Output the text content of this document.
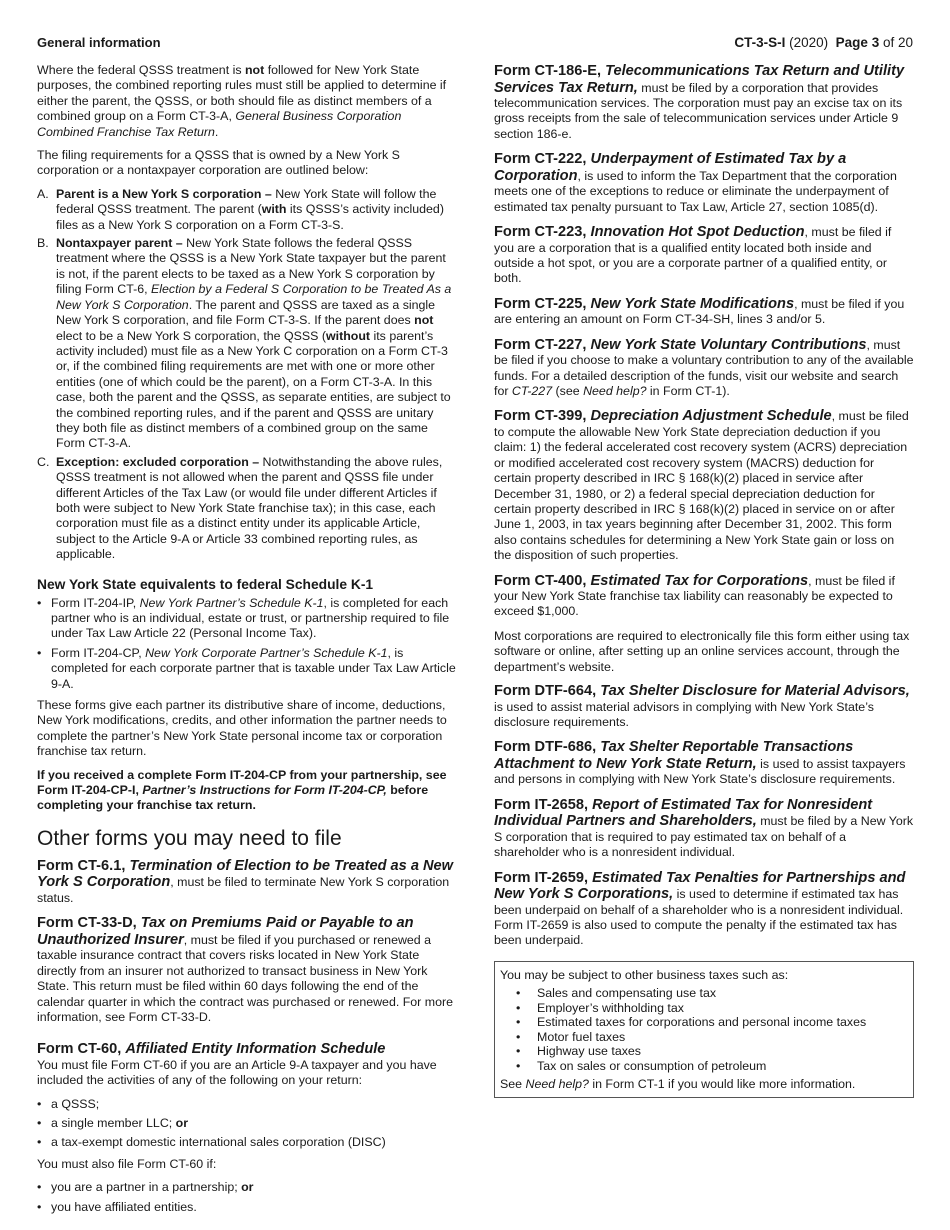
General information	CT-3-S-I (2020) Page 3 of 20

Where the federal QSSS treatment is not followed for New York State purposes, the combined reporting rules must still be applied to determine if either the parent, the QSSS, or both should file as distinct members of a combined group on a Form CT-3-A, General Business Corporation Combined Franchise Tax Return.

The filing requirements for a QSSS that is owned by a New York S corporation or a nontaxpayer corporation are outlined below:

A. Parent is a New York S corporation – New York State will follow the federal QSSS treatment. The parent (with its QSSS’s activity included) files as a New York S corporation on a Form CT-3-S.
B. Nontaxpayer parent – New York State follows the federal QSSS treatment where the QSSS is a New York State taxpayer but the parent is not, if the parent elects to be taxed as a New York S corporation by filing Form CT-6, Election by a Federal S Corporation to be Treated As a New York S Corporation. The parent and QSSS are taxed as a single New York S corporation, and file Form CT-3-S. If the parent does not elect to be a New York S corporation, the QSSS (without its parent’s activity included) must file as a New York C corporation on a Form CT-3 or, if the combined filing requirements are met with one or more other entities (one of which could be the parent), on a Form CT-3-A. In this case, both the parent and the QSSS, as separate entities, are subject to the combined reporting rules, and if the parent and QSSS are unitary they both file as distinct members of a combined group on the same Form CT-3-A.
C. Exception: excluded corporation – Notwithstanding the above rules, QSSS treatment is not allowed when the parent and QSSS file under different Articles of the Tax Law (or would file under different Articles if both were subject to New York State franchise tax); in this case, each corporation must file as a distinct entity under its applicable Article, subject to the Article 9-A or Article 33 combined reporting rules, as applicable.
New York State equivalents to federal Schedule K-1
• Form IT-204-IP, New York Partner’s Schedule K-1, is completed for each partner who is an individual, estate or trust, or partnership required to file under Tax Law Article 22 (Personal Income Tax).
• Form IT-204-CP, New York Corporate Partner’s Schedule K-1, is completed for each corporate partner that is taxable under Tax Law Article 9-A.

These forms give each partner its distributive share of income, deductions, New York modifications, credits, and other information the partner needs to complete the partner’s New York State personal income tax or corporation franchise tax return.

If you received a complete Form IT-204-CP from your partnership, see Form IT-204-CP-I, Partner’s Instructions for Form IT-204-CP, before completing your franchise tax return.

Other forms you may need to file
Form CT-6.1, Termination of Election to be Treated as a New York S Corporation, must be filed to terminate New York S corporation status.
Form CT-33-D, Tax on Premiums Paid or Payable to an Unauthorized Insurer, must be filed if you purchased or renewed a taxable insurance contract that covers risks located in New York State directly from an insurer not authorized to transact business in New York State. This return must be filed within 60 days following the end of the calendar quarter in which the contract was purchased or renewed. For more information, see Form CT-33-D.
Form CT-60, Affiliated Entity Information Schedule

You must file Form CT-60 if you are an Article 9-A taxpayer and you have included the activities of any of the following on your return:

• a QSSS;
• a single member LLC; or
• a tax-exempt domestic international sales corporation (DISC)

You must also file Form CT-60 if:

• you are a partner in a partnership; or
• you have affiliated entities.
Form CT-186-E, Telecommunications Tax Return and Utility Services Tax Return, must be filed by a corporation that provides telecommunication services. The corporation must pay an excise tax on its gross receipts from the sale of telecommunication services under Article 9 section 186-e.
Form CT-222, Underpayment of Estimated Tax by a Corporation, is used to inform the Tax Department that the corporation meets one of the exceptions to reduce or eliminate the underpayment of estimated tax penalty pursuant to Tax Law, Article 27, section 1085(d).
Form CT-223, Innovation Hot Spot Deduction, must be filed if you are a corporation that is a qualified entity located both inside and outside a hot spot, or you are a corporate partner of a qualified entity, or both.
Form CT-225, New York State Modifications, must be filed if you are entering an amount on Form CT-34-SH, lines 3 and/or 5.
Form CT-227, New York State Voluntary Contributions, must be filed if you choose to make a voluntary contribution to any of the available funds. For a detailed description of the funds, visit our website and search for CT-227 (see Need help? in Form CT-1).
Form CT-399, Depreciation Adjustment Schedule, must be filed to compute the allowable New York State depreciation deduction if you claim: 1) the federal accelerated cost recovery system (ACRS) depreciation or modified accelerated cost recovery system (MACRS) deduction for certain property described in IRC § 168(k)(2) placed in service after December 31, 1980, or 2) a federal special depreciation deduction for certain property described in IRC § 168(k)(2) placed in service on or after June 1, 2003, in tax years beginning after December 31, 2002. This form also contains schedules for determining a New York State gain or loss on the disposition of such properties.
Form CT-400, Estimated Tax for Corporations, must be filed if your New York State franchise tax liability can reasonably be expected to exceed $1,000.

Most corporations are required to electronically file this form either using tax software or online, after setting up an online services account, through the department’s website.

Form DTF-664, Tax Shelter Disclosure for Material Advisors, is used to assist material advisors in complying with New York State’s disclosure requirements.
Form DTF-686, Tax Shelter Reportable Transactions Attachment to New York State Return, is used to assist taxpayers and persons in complying with New York State’s disclosure requirements.
Form IT-2658, Report of Estimated Tax for Nonresident Individual Partners and Shareholders, must be filed by a New York S corporation that is required to pay estimated tax on behalf of a shareholder who is a nonresident individual.
Form IT-2659, Estimated Tax Penalties for Partnerships and New York S Corporations, is used to determine if estimated tax has been underpaid on behalf of a shareholder who is a nonresident individual. Form IT-2659 is also used to compute the penalty if the estimated tax has been underpaid.

You may be subject to other business taxes such as:

•	Sales and compensating use tax
•	Employer’s withholding tax
•	Estimated taxes for corporations and personal income taxes
•	Motor fuel taxes
•	Highway use taxes
•	Tax on sales or consumption of petroleum

See Need help? in Form CT-1 if you would like more information.
